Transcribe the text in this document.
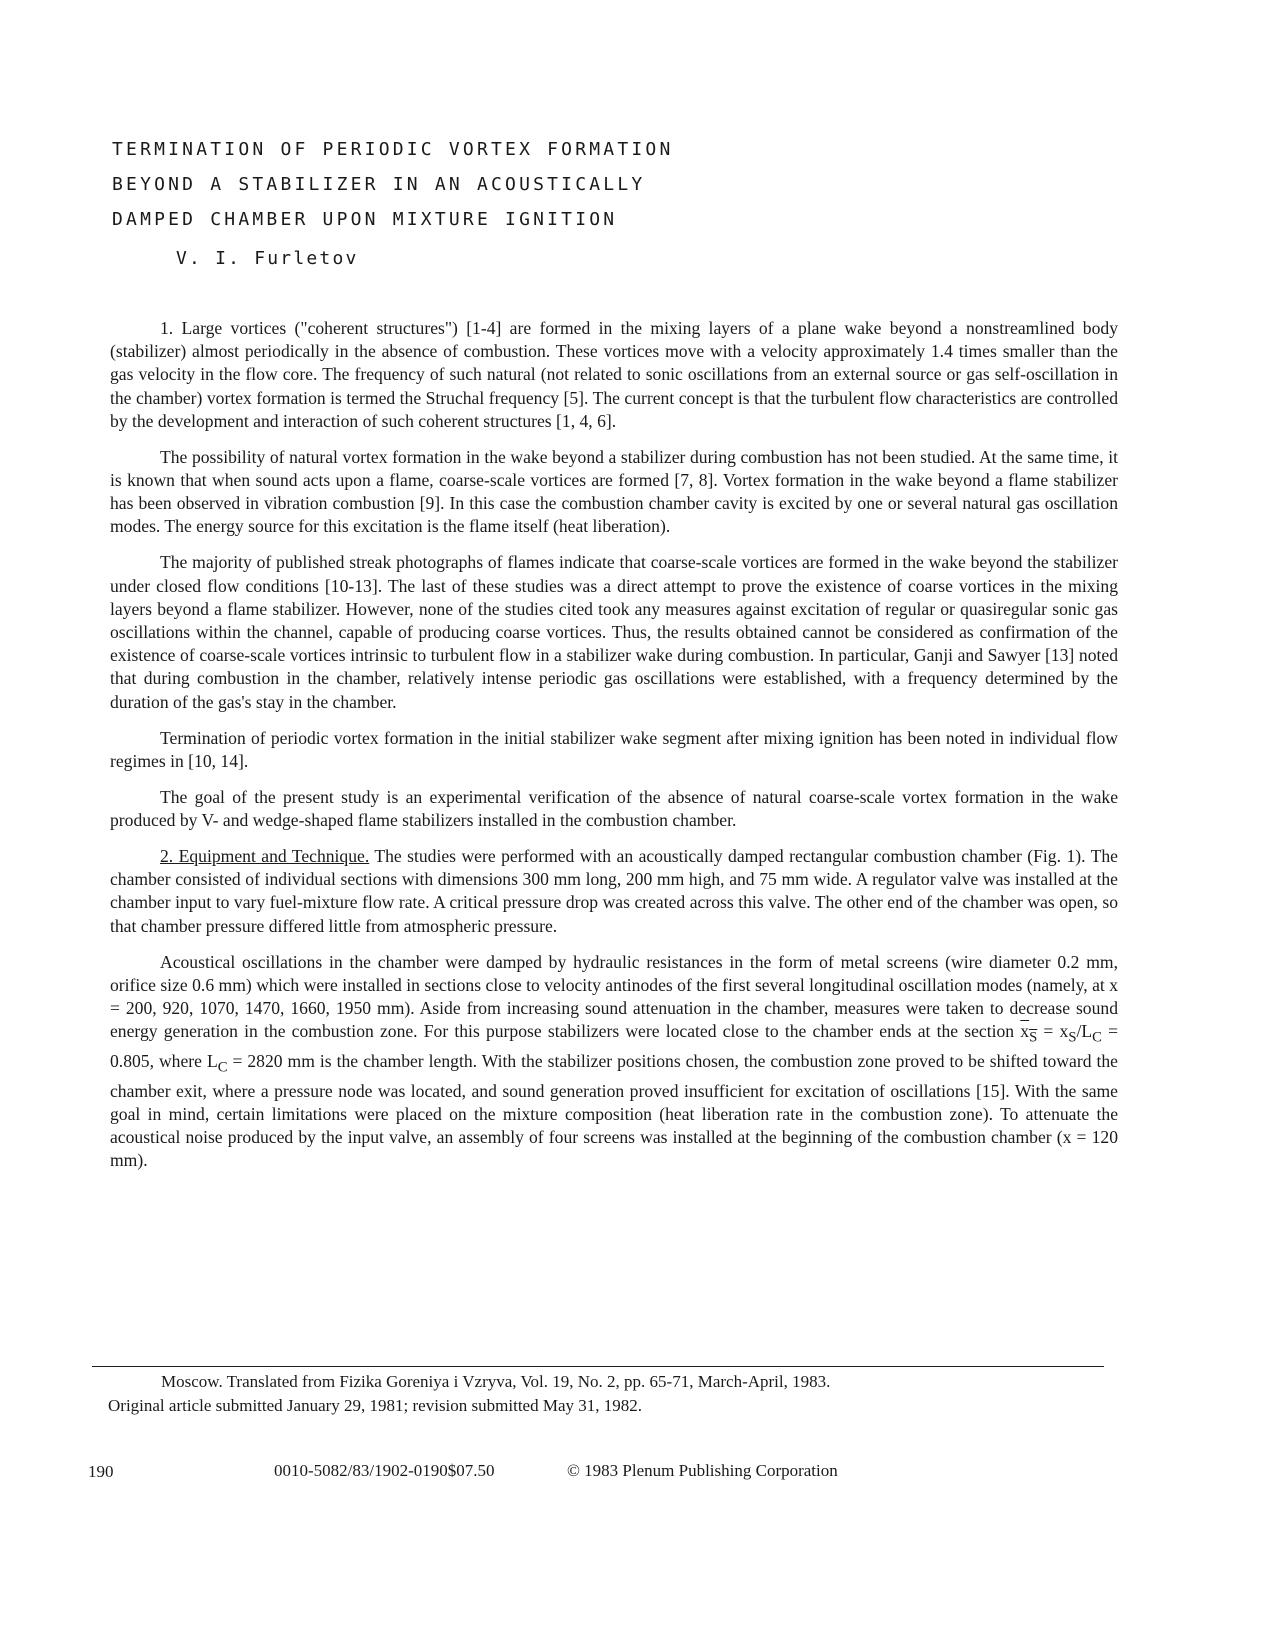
TERMINATION OF PERIODIC VORTEX FORMATION
BEYOND A STABILIZER IN AN ACOUSTICALLY
DAMPED CHAMBER UPON MIXTURE IGNITION
V. I. Furletov

1. Large vortices ("coherent structures") [1-4] are formed in the mixing layers of a plane wake beyond a nonstreamlined body (stabilizer) almost periodically in the absence of combustion. These vortices move with a velocity approximately 1.4 times smaller than the gas velocity in the flow core. The frequency of such natural (not related to sonic oscillations from an external source or gas self-oscillation in the chamber) vortex formation is termed the Struchal frequency [5]. The current concept is that the turbulent flow characteristics are controlled by the development and interaction of such coherent structures [1, 4, 6].

The possibility of natural vortex formation in the wake beyond a stabilizer during combustion has not been studied. At the same time, it is known that when sound acts upon a flame, coarse-scale vortices are formed [7, 8]. Vortex formation in the wake beyond a flame stabilizer has been observed in vibration combustion [9]. In this case the combustion chamber cavity is excited by one or several natural gas oscillation modes. The energy source for this excitation is the flame itself (heat liberation).

The majority of published streak photographs of flames indicate that coarse-scale vortices are formed in the wake beyond the stabilizer under closed flow conditions [10-13]. The last of these studies was a direct attempt to prove the existence of coarse vortices in the mixing layers beyond a flame stabilizer. However, none of the studies cited took any measures against excitation of regular or quasiregular sonic gas oscillations within the channel, capable of producing coarse vortices. Thus, the results obtained cannot be considered as confirmation of the existence of coarse-scale vortices intrinsic to turbulent flow in a stabilizer wake during combustion. In particular, Ganji and Sawyer [13] noted that during combustion in the chamber, relatively intense periodic gas oscillations were established, with a frequency determined by the duration of the gas's stay in the chamber.

Termination of periodic vortex formation in the initial stabilizer wake segment after mixing ignition has been noted in individual flow regimes in [10, 14].

The goal of the present study is an experimental verification of the absence of natural coarse-scale vortex formation in the wake produced by V- and wedge-shaped flame stabilizers installed in the combustion chamber.

2. Equipment and Technique. The studies were performed with an acoustically damped rectangular combustion chamber (Fig. 1). The chamber consisted of individual sections with dimensions 300 mm long, 200 mm high, and 75 mm wide. A regulator valve was installed at the chamber input to vary fuel-mixture flow rate. A critical pressure drop was created across this valve. The other end of the chamber was open, so that chamber pressure differed little from atmospheric pressure.

Acoustical oscillations in the chamber were damped by hydraulic resistances in the form of metal screens (wire diameter 0.2 mm, orifice size 0.6 mm) which were installed in sections close to velocity antinodes of the first several longitudinal oscillation modes (namely, at x = 200, 920, 1070, 1470, 1660, 1950 mm). Aside from increasing sound attenuation in the chamber, measures were taken to decrease sound energy generation in the combustion zone. For this purpose stabilizers were located close to the chamber ends at the section $x_S = x_S/L_C = 0.805$, where $L_C = 2820$ mm is the chamber length. With the stabilizer positions chosen, the combustion zone proved to be shifted toward the chamber exit, where a pressure node was located, and sound generation proved insufficient for excitation of oscillations [15]. With the same goal in mind, certain limitations were placed on the mixture composition (heat liberation rate in the combustion zone). To attenuate the acoustical noise produced by the input valve, an assembly of four screens was installed at the beginning of the combustion chamber (x = 120 mm).

Moscow. Translated from Fizika Goreniya i Vzryva, Vol. 19, No. 2, pp. 65-71, March-April, 1983.
Original article submitted January 29, 1981; revision submitted May 31, 1982.
190	0010-5082/83/1902-0190$07.50	© 1983 Plenum Publishing Corporation
